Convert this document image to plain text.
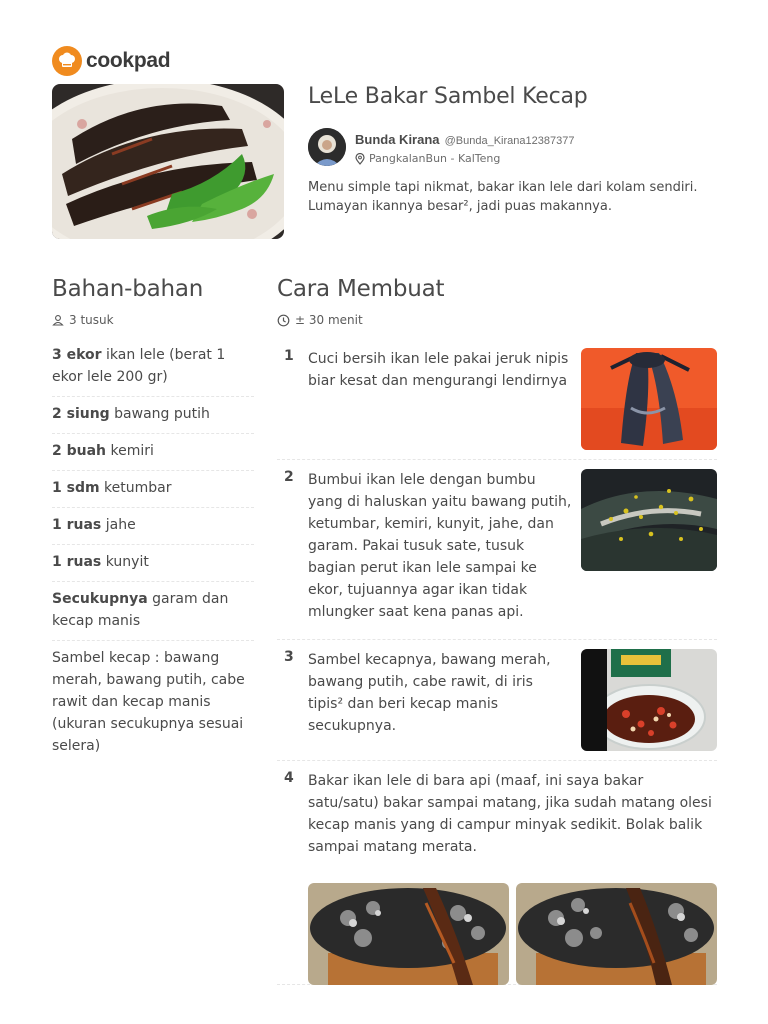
cookpad
LeLe Bakar Sambel Kecap
Bunda Kirana @Bunda_Kirana12387377
PangkalanBun - KalTeng

Menu simple tapi nikmat, bakar ikan lele dari kolam sendiri. Lumayan ikannya besar², jadi puas makannya.

Bahan-bahan
3 tusuk
3 ekor ikan lele (berat 1 ekor lele 200 gr)
2 siung bawang putih
2 buah kemiri
1 sdm ketumbar
1 ruas jahe
1 ruas kunyit
Secukupnya garam dan kecap manis
Sambel kecap : bawang merah, bawang putih, cabe rawit dan kecap manis (ukuran secukupnya sesuai selera)
Cara Membuat
± 30 menit
1 Cuci bersih ikan lele pakai jeruk nipis biar kesat dan mengurangi lendirnya

2 Bumbui ikan lele dengan bumbu yang di haluskan yaitu bawang putih, ketumbar, kemiri, kunyit, jahe, dan garam. Pakai tusuk sate, tusuk bagian perut ikan lele sampai ke ekor, tujuannya agar ikan tidak mlungker saat kena panas api.

3 Sambel kecapnya, bawang merah, bawang putih, cabe rawit, di iris tipis² dan beri kecap manis secukupnya.

4 Bakar ikan lele di bara api (maaf, ini saya bakar satu/satu) bakar sampai matang, jika sudah matang olesi kecap manis yang di campur minyak sedikit. Bolak balik sampai matang merata.
